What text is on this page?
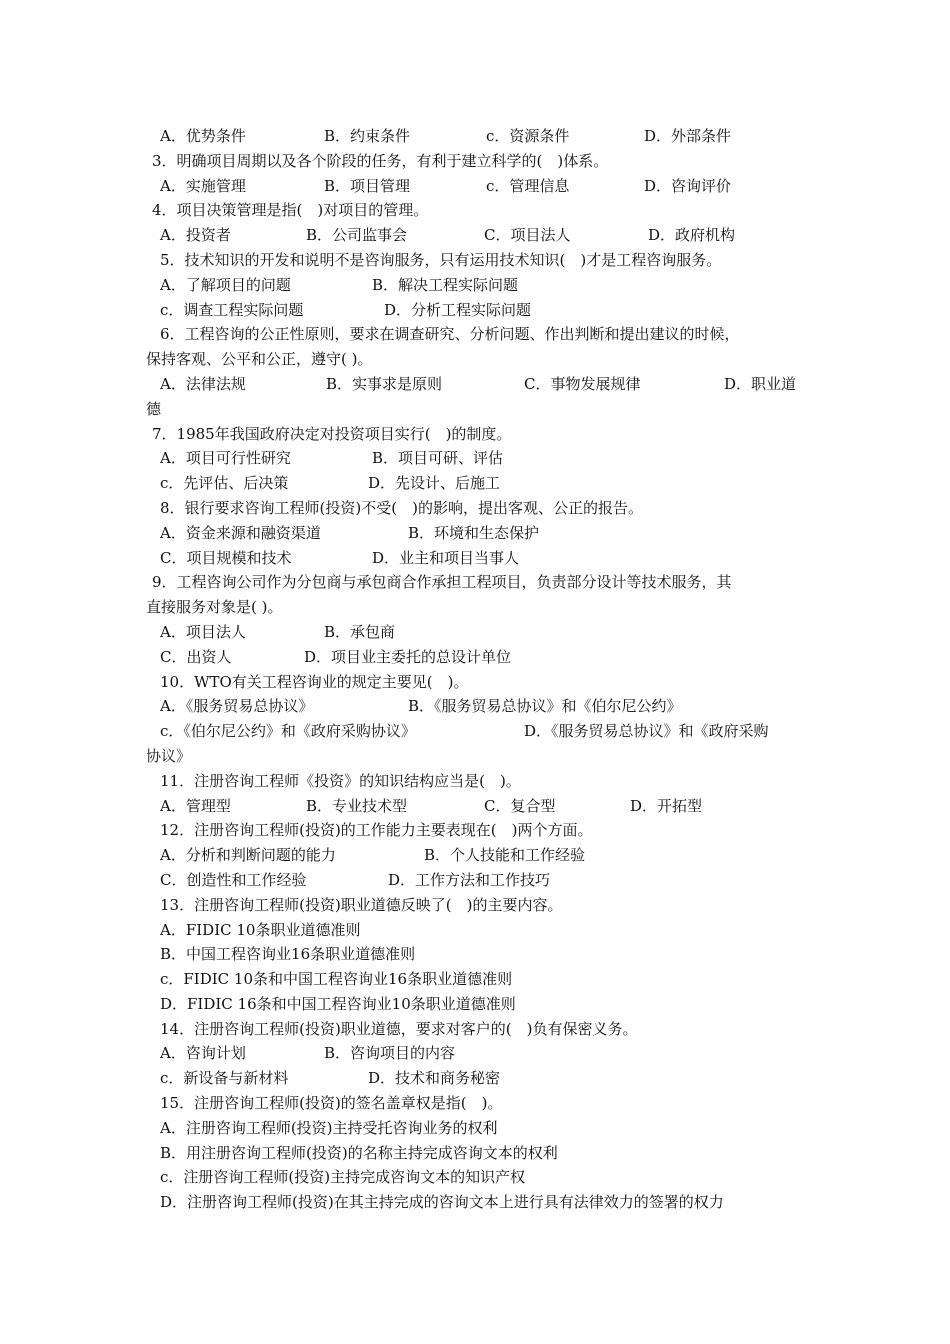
A．优势条件	B．约束条件	c．资源条件	D．外部条件
3．明确项目周期以及各个阶段的任务，有利于建立科学的(　)体系。
A．实施管理	B．项目管理	c．管理信息	D．咨询评价
4．项目决策管理是指(　)对项目的管理。
A．投资者	B．公司监事会	C．项目法人	D．政府机构
5．技术知识的开发和说明不是咨询服务，只有运用技术知识(　)才是工程咨询服务。
A．了解项目的问题	B．解决工程实际问题
c．调查工程实际问题	D．分析工程实际问题
6．工程咨询的公正性原则，要求在调查研究、分析问题、作出判断和提出建议的时候，
保持客观、公平和公正，遵守( )。
A．法律法规	B．实事求是原则	C．事物发展规律	D．职业道
德
7．1985年我国政府决定对投资项目实行(　)的制度。
A．项目可行性研究	B．项目可研、评估
c．先评估、后决策	D．先设计、后施工
8．银行要求咨询工程师(投资)不受(　)的影响，提出客观、公正的报告。
A．资金来源和融资渠道	B．环境和生态保护
C．项目规模和技术	D．业主和项目当事人
9．工程咨询公司作为分包商与承包商合作承担工程项目，负责部分设计等技术服务，其
直接服务对象是( )。
A．项目法人	B．承包商
C．出资人	D．项目业主委托的总设计单位
10．WTO有关工程咨询业的规定主要见(　)。
A．《服务贸易总协议》	B．《服务贸易总协议》和《伯尔尼公约》
c．《伯尔尼公约》和《政府采购协议》	D．《服务贸易总协议》和《政府采购
协议》
11．注册咨询工程师《投资》的知识结构应当是(　)。
A．管理型	B．专业技术型	C．复合型	D．开拓型
12．注册咨询工程师(投资)的工作能力主要表现在(　)两个方面。
A．分析和判断问题的能力	B．个人技能和工作经验
C．创造性和工作经验	D．工作方法和工作技巧
13．注册咨询工程师(投资)职业道德反映了(　)的主要内容。
A．FIDIC 10条职业道德准则
B．中国工程咨询业16条职业道德准则
c．FIDIC 10条和中国工程咨询业16条职业道德准则
D．FIDIC 16条和中国工程咨询业10条职业道德准则
14．注册咨询工程师(投资)职业道德，要求对客户的(　)负有保密义务。
A．咨询计划	B．咨询项目的内容
c．新设备与新材料	D．技术和商务秘密
15．注册咨询工程师(投资)的签名盖章权是指(　)。
A．注册咨询工程师(投资)主持受托咨询业务的权利
B．用注册咨询工程师(投资)的名称主持完成咨询文本的权利
c．注册咨询工程师(投资)主持完成咨询文本的知识产权
D．注册咨询工程师(投资)在其主持完成的咨询文本上进行具有法律效力的签署的权力
